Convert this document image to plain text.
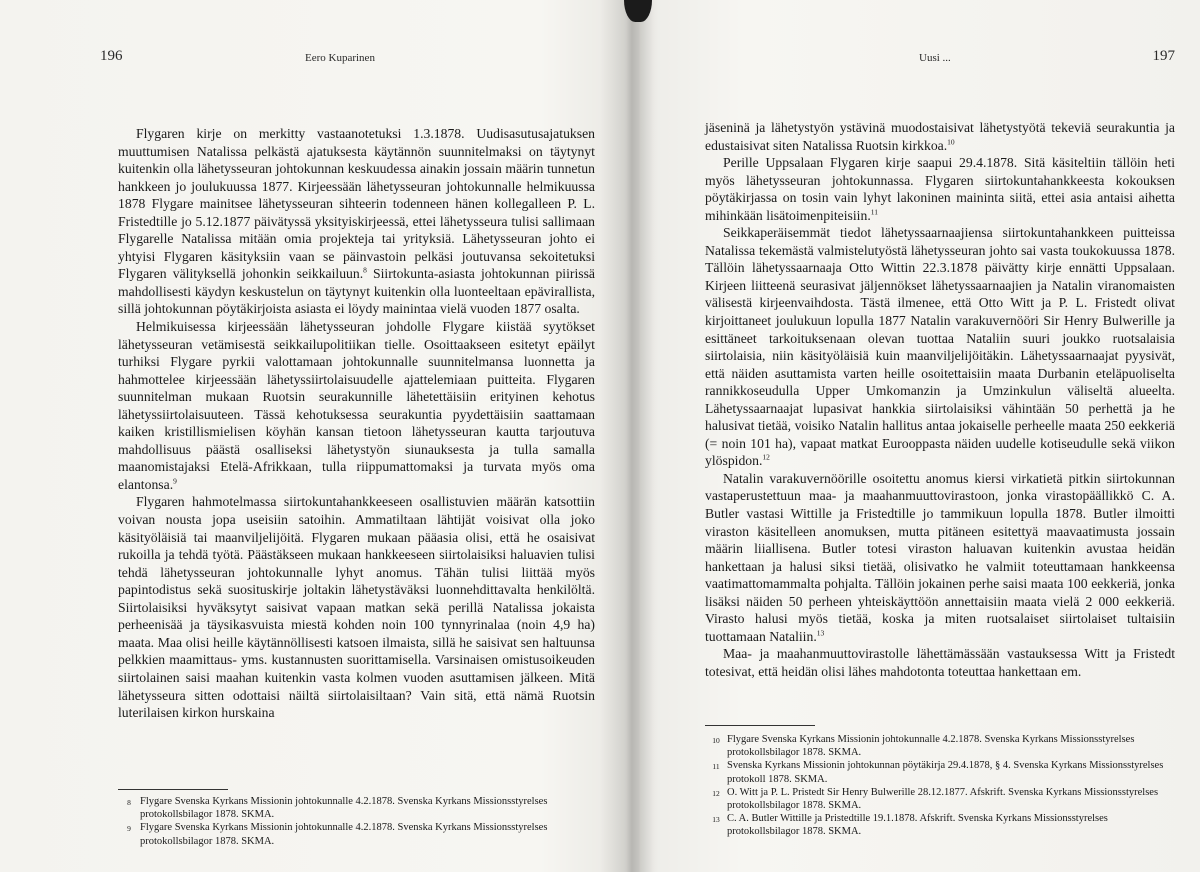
196	Eero Kuparinen

Flygaren kirje on merkitty vastaanotetuksi 1.3.1878. Uudisasutusajatuksen muuttumisen Natalissa pelkästä ajatuksesta käytännön suunnitelmaksi on täytynyt kuitenkin olla lähetysseuran johtokunnan keskuudessa ainakin jossain määrin tunnetun hankkeen jo joulukuussa 1877. Kirjeessään lähetysseuran johtokunnalle helmikuussa 1878 Flygare mainitsee lähetysseuran sihteerin todenneen hänen kollegalleen P. L. Fristedtille jo 5.12.1877 päivätyssä yksityiskirjeessä, ettei lähetysseura tulisi sallimaan Flygarelle Natalissa mitään omia projekteja tai yrityksiä. Lähetysseuran johto ei yhtyisi Flygaren käsityksiin vaan se päinvastoin pelkäsi joutuvansa sekoitetuksi Flygaren välityksellä johonkin seikkailuun.$^8$ Siirtokunta-asiasta johtokunnan piirissä mahdollisesti käydyn keskustelun on täytynyt kuitenkin olla luonteeltaan epävirallista, sillä johtokunnan pöytäkirjoista asiasta ei löydy mainintaa vielä vuoden 1877 osalta.

Helmikuisessa kirjeessään lähetysseuran johdolle Flygare kiistää syytökset lähetysseuran vetämisestä seikkailupolitiikan tielle. Osoittaakseen esitetyt epäilyt turhiksi Flygare pyrkii valottamaan johtokunnalle suunnitelmansa luonnetta ja hahmottelee kirjeessään lähetyssiirtolaisuudelle ajattelemiaan puitteita. Flygaren suunnitelman mukaan Ruotsin seurakunnille lähetettäisiin erityinen kehotus lähetyssiirtolaisuuteen. Tässä kehotuksessa seurakuntia pyydettäisiin saattamaan kaiken kristillismielisen köyhän kansan tietoon lähetysseuran kautta tarjoutuva mahdollisuus päästä osalliseksi lähetystyön siunauksesta ja tulla samalla maanomistajaksi Etelä-Afrikkaan, tulla riippumattomaksi ja turvata myös oma elantonsa.$^9$

Flygaren hahmotelmassa siirtokuntahankkeeseen osallistuvien määrän katsottiin voivan nousta jopa useisiin satoihin. Ammatiltaan lähtijät voisivat olla joko käsityöläisiä tai maanviljelijöitä. Flygaren mukaan pääasia olisi, että he osaisivat rukoilla ja tehdä työtä. Päästäkseen mukaan hankkeeseen siirtolaisiksi haluavien tulisi tehdä lähetysseuran johtokunnalle lyhyt anomus. Tähän tulisi liittää myös papintodistus sekä suosituskirje joltakin lähetystäväksi luonnehdittavalta henkilöltä. Siirtolaisiksi hyväksytyt saisivat vapaan matkan sekä perillä Natalissa jokaista perheenisää ja täysikasvuista miestä kohden noin 100 tynnyrinalaa (noin 4,9 ha) maata. Maa olisi heille käytännöllisesti katsoen ilmaista, sillä he saisivat sen haltuunsa pelkkien maamittaus- yms. kustannusten suorittamisella. Varsinaisen omistusoikeuden siirtolainen saisi maahan kuitenkin vasta kolmen vuoden asuttamisen jälkeen. Mitä lähetysseura sitten odottaisi näiltä siirtolaisiltaan? Vain sitä, että nämä Ruotsin luterilaisen kirkon hurskaina

8 Flygare Svenska Kyrkans Missionin johtokunnalle 4.2.1878. Svenska Kyrkans Missionsstyrelses protokollsbilagor 1878. SKMA.
9 Flygare Svenska Kyrkans Missionin johtokunnalle 4.2.1878. Svenska Kyrkans Missionsstyrelses protokollsbilagor 1878. SKMA.
Uusi ...	197

jäseninä ja lähetystyön ystävinä muodostaisivat lähetystyötä tekeviä seurakuntia ja edustaisivat siten Natalissa Ruotsin kirkkoa.$^{10}$

Perille Uppsalaan Flygaren kirje saapui 29.4.1878. Sitä käsiteltiin tällöin heti myös lähetysseuran johtokunnassa. Flygaren siirtokuntahankkeesta kokouksen pöytäkirjassa on tosin vain lyhyt lakoninen maininta siitä, ettei asia antaisi aihetta mihinkään lisätoimenpiteisiin.$^{11}$

Seikkaperäisemmät tiedot lähetyssaarnaajiensa siirtokuntahankkeen puitteissa Natalissa tekemästä valmistelutyöstä lähetysseuran johto sai vasta toukokuussa 1878. Tällöin lähetyssaarnaaja Otto Wittin 22.3.1878 päivätty kirje ennätti Uppsalaan. Kirjeen liitteenä seurasivat jäljennökset lähetyssaarnaajien ja Natalin viranomaisten välisestä kirjeenvaihdosta. Tästä ilmenee, että Otto Witt ja P. L. Fristedt olivat kirjoittaneet joulukuun lopulla 1877 Natalin varakuvernööri Sir Henry Bulwerille ja esittäneet tarkoituksenaan olevan tuottaa Nataliin suuri joukko ruotsalaisia siirtolaisia, niin käsityöläisiä kuin maanviljelijöitäkin. Lähetyssaarnaajat pyysivät, että näiden asuttamista varten heille osoitettaisiin maata Durbanin eteläpuoliselta rannikkoseudulla Upper Umkomanzin ja Umzinkulun väliseltä alueelta. Lähetyssaarnaajat lupasivat hankkia siirtolaisiksi vähintään 50 perhettä ja he halusivat tietää, voisiko Natalin hallitus antaa jokaiselle perheelle maata 250 eekkeriä (= noin 101 ha), vapaat matkat Eurooppasta näiden uudelle kotiseudulle sekä viikon ylöspidon.$^{12}$

Natalin varakuvernöörille osoitettu anomus kiersi virkatietä pitkin siirtokunnan vastaperustettuun maa- ja maahanmuuttovirastoon, jonka virastopäällikkö C. A. Butler vastasi Wittille ja Fristedtille jo tammikuun lopulla 1878. Butler ilmoitti viraston käsitelleen anomuksen, mutta pitäneen esitettyä maavaatimusta jossain määrin liiallisena. Butler totesi viraston haluavan kuitenkin avustaa heidän hankettaan ja halusi siksi tietää, olisivatko he valmiit toteuttamaan hankkeensa vaatimattomammalta pohjalta. Tällöin jokainen perhe saisi maata 100 eekkeriä, jonka lisäksi näiden 50 perheen yhteiskäyttöön annettaisiin maata vielä 2 000 eekkeriä. Virasto halusi myös tietää, koska ja miten ruotsalaiset siirtolaiset tultaisiin tuottamaan Nataliin.$^{13}$

Maa- ja maahanmuuttovirastolle lähettämässään vastauksessa Witt ja Fristedt totesivat, että heidän olisi lähes mahdotonta toteuttaa hankettaan em.

10 Flygare Svenska Kyrkans Missionin johtokunnalle 4.2.1878. Svenska Kyrkans Missionsstyrelses protokollsbilagor 1878. SKMA.
11 Svenska Kyrkans Missionin johtokunnan pöytäkirja 29.4.1878, § 4. Svenska Kyrkans Missionsstyrelses protokoll 1878. SKMA.
12 O. Witt ja P. L. Pristedt Sir Henry Bulwerille 28.12.1877. Afskrift. Svenska Kyrkans Missionsstyrelses protokollsbilagor 1878. SKMA.
13 C. A. Butler Wittille ja Pristedtille 19.1.1878. Afskrift. Svenska Kyrkans Missionsstyrelses protokollsbilagor 1878. SKMA.
